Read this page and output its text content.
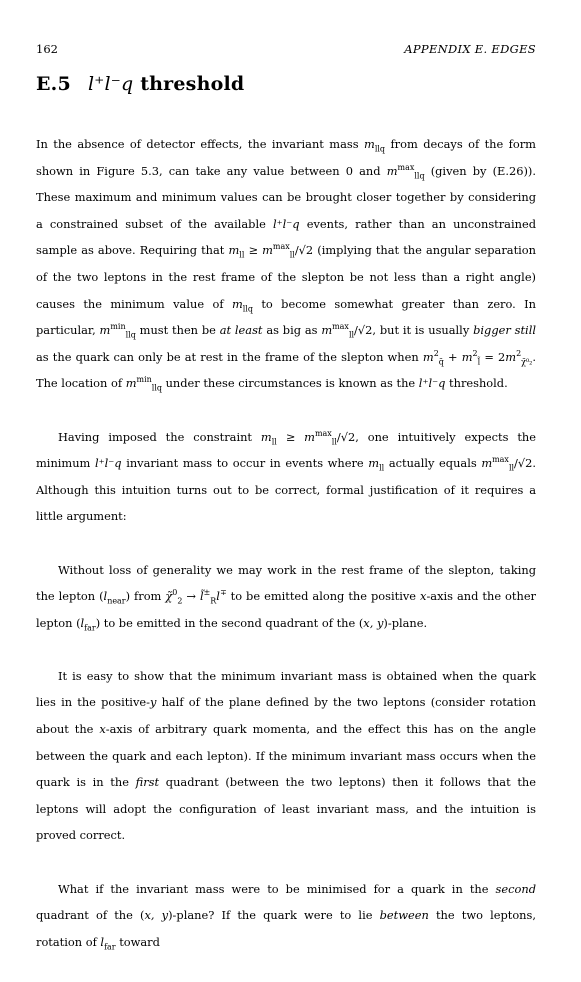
162	APPENDIX E. EDGES
E.5 l⁺l⁻q threshold

In the absence of detector effects, the invariant mass $m_{llq}$ from decays of the form shown in Figure 5.3, can take any value between 0 and $m^{max}_{llq}$ (given by (E.26)). These maximum and minimum values can be brought closer together by considering a constrained subset of the available l⁺l⁻q events, rather than an unconstrained sample as above. Requiring that $m_{ll} \ge m^{max}_{ll}/√2$ (implying that the angular separation of the two leptons in the rest frame of the slepton be not less than a right angle) causes the minimum value of $m_{llq}$ to become somewhat greater than zero. In particular, $m^{min}_{llq}$ must then be at least as big as $m^{max}_{ll}/√2$, but it is usually bigger still as the quark can only be at rest in the frame of the slepton when $m^2_{q̃} + m^2_{l̃} = 2m^2_{\chĩ^0_2}$. The location of $m^{min}_{llq}$ under these circumstances is known as the l⁺l⁻q threshold.

Having imposed the constraint $m_{ll} \ge m^{max}_{ll}/√2$, one intuitively expects the minimum l⁺l⁻q invariant mass to occur in events where $m_{ll}$ actually equals $m^{max}_{ll}/√2$. Although this intuition turns out to be correct, formal justification of it requires a little argument:

Without loss of generality we may work in the rest frame of the slepton, taking the lepton $(l_{near})$ from χ̃$^0_2$ → $l̃^\pm_Rl^\mp$ to be emitted along the positive x-axis and the other lepton $(l_{far})$ to be emitted in the second quadrant of the (x, y)-plane.

It is easy to show that the minimum invariant mass is obtained when the quark lies in the positive-y half of the plane defined by the two leptons (consider rotation about the x-axis of arbitrary quark momenta, and the effect this has on the angle between the quark and each lepton). If the minimum invariant mass occurs when the quark is in the first quadrant (between the two leptons) then it follows that the leptons will adopt the configuration of least invariant mass, and the intuition is proved correct.

What if the invariant mass were to be minimised for a quark in the second quadrant of the (x, y)-plane? If the quark were to lie between the two leptons, rotation of $l_{far}$ toward
